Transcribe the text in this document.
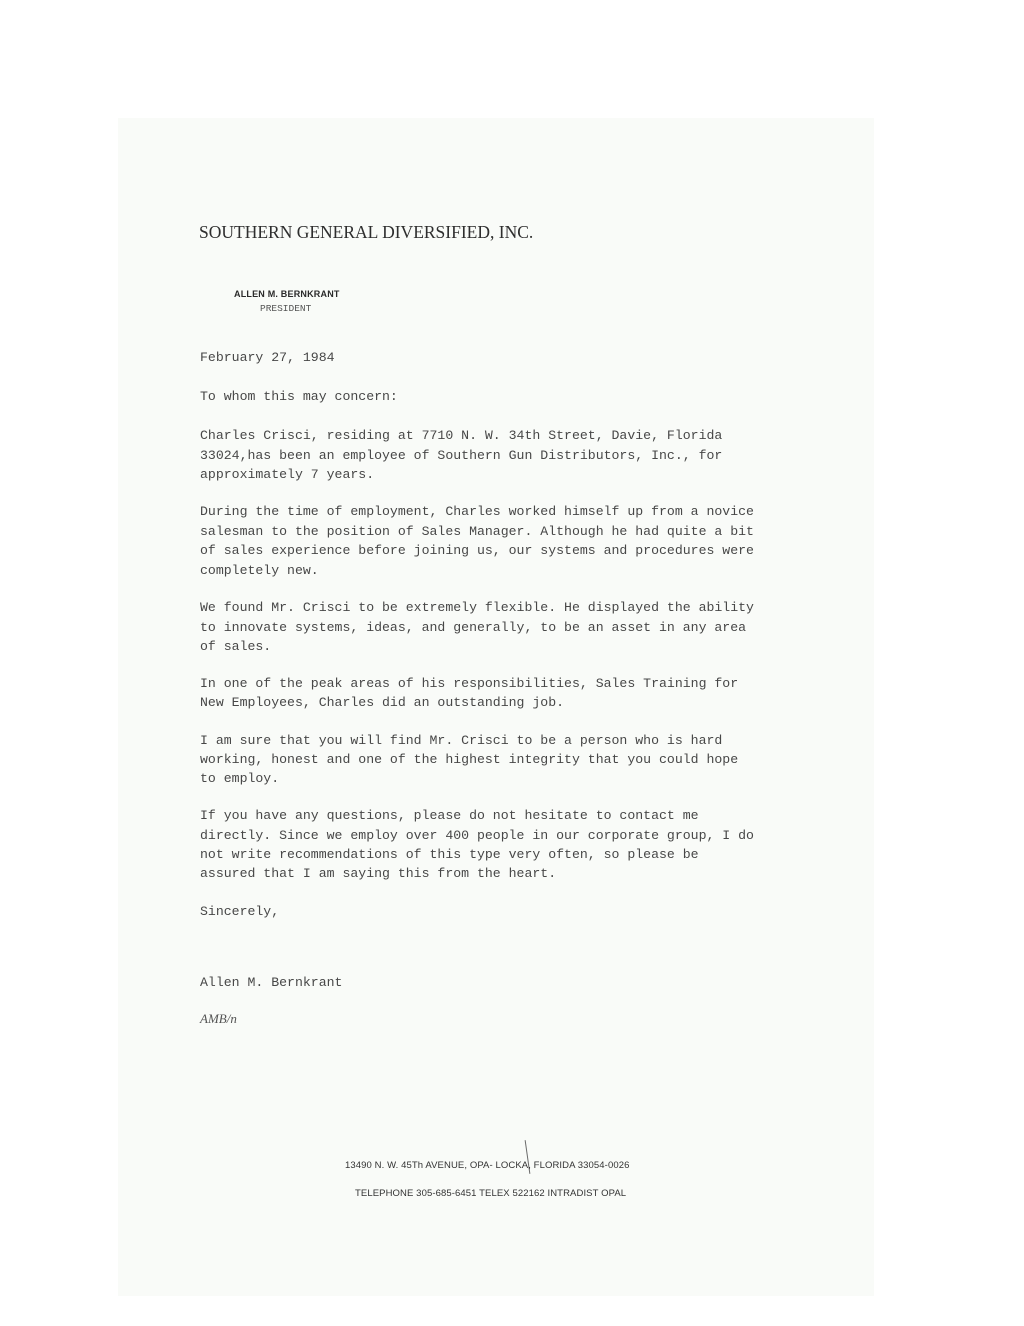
SOUTHERN GENERAL DIVERSIFIED, INC.
ALLEN M. BERNKRANT
PRESIDENT

February 27, 1984

To whom this may concern:

Charles Crisci, residing at 7710 N. W. 34th Street, Davie, Florida

33024,has been an employee of Southern Gun Distributors, Inc., for

approximately 7 years.

During the time of employment, Charles worked himself up from a novice

salesman to the position of Sales Manager. Although he had quite a bit

of sales experience before joining us, our systems and procedures were

completely new.

We found Mr. Crisci to be extremely flexible. He displayed the ability

to innovate systems, ideas, and generally, to be an asset in any area

of sales.

In one of the peak areas of his responsibilities, Sales Training for

New Employees, Charles did an outstanding job.

I am sure that you will find Mr. Crisci to be a person who is hard

working, honest and one of the highest integrity that you could hope

to employ.

If you have any questions, please do not hesitate to contact me

directly. Since we employ over 400 people in our corporate group, I do

not write recommendations of this type very often, so please be

assured that I am saying this from the heart.

Sincerely,

Allen M. Bernkrant

AMB/n
13490 N. W. 45Th AVENUE, OPA- LOCKA, FLORIDA 33054-0026
TELEPHONE 305-685-6451 TELEX 522162 INTRADIST OPAL
